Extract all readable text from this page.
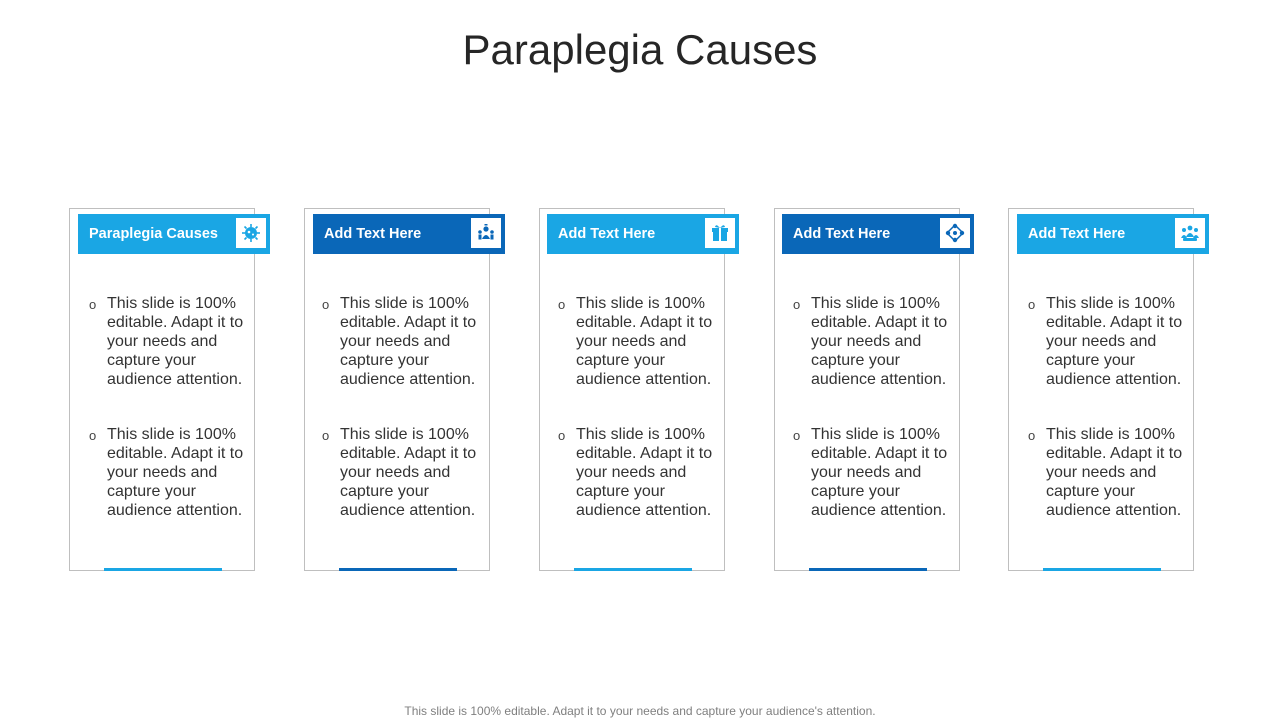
Paraplegia Causes
Paraplegia Causes
o This slide is 100% editable. Adapt it to your needs and capture your audience attention.
o This slide is 100% editable. Adapt it to your needs and capture your audience attention.
Add Text Here
o This slide is 100% editable. Adapt it to your needs and capture your audience attention.
o This slide is 100% editable. Adapt it to your needs and capture your audience attention.
Add Text Here
o This slide is 100% editable. Adapt it to your needs and capture your audience attention.
o This slide is 100% editable. Adapt it to your needs and capture your audience attention.
Add Text Here
o This slide is 100% editable. Adapt it to your needs and capture your audience attention.
o This slide is 100% editable. Adapt it to your needs and capture your audience attention.
Add Text Here
o This slide is 100% editable. Adapt it to your needs and capture your audience attention.
o This slide is 100% editable. Adapt it to your needs and capture your audience attention.
This slide is 100% editable. Adapt it to your needs and capture your audience's attention.
